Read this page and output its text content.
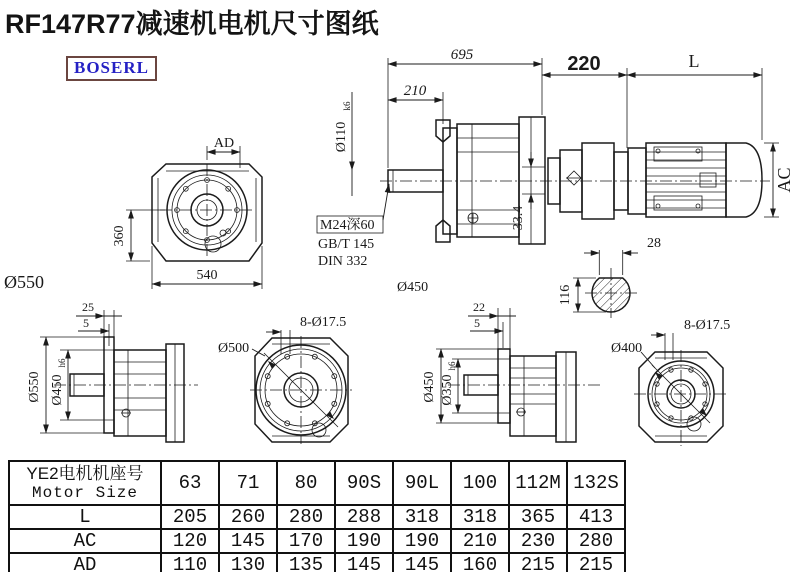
RF147R77减速机电机尺寸图纸
BOSERL
695
210
220	L
AC
33.4
Ø110
k6
M24深60
GB/T 145
DIN 332
Ø450
28
116
AD
360
540
Ø550
Ø550 Ø450
h6
25
5	8-Ø17.5
Ø500
Ø450 Ø350
h6
22
5
Ø400
8-Ø17.5
YE2电机机座号
Motor Size	63	71	80	90S	90L	100	112M	132S
L	205	260	280	288	318	318	365	413
AC	120	145	170	190	190	210	230	280
AD	110	130	135	145	145	160	215	215
